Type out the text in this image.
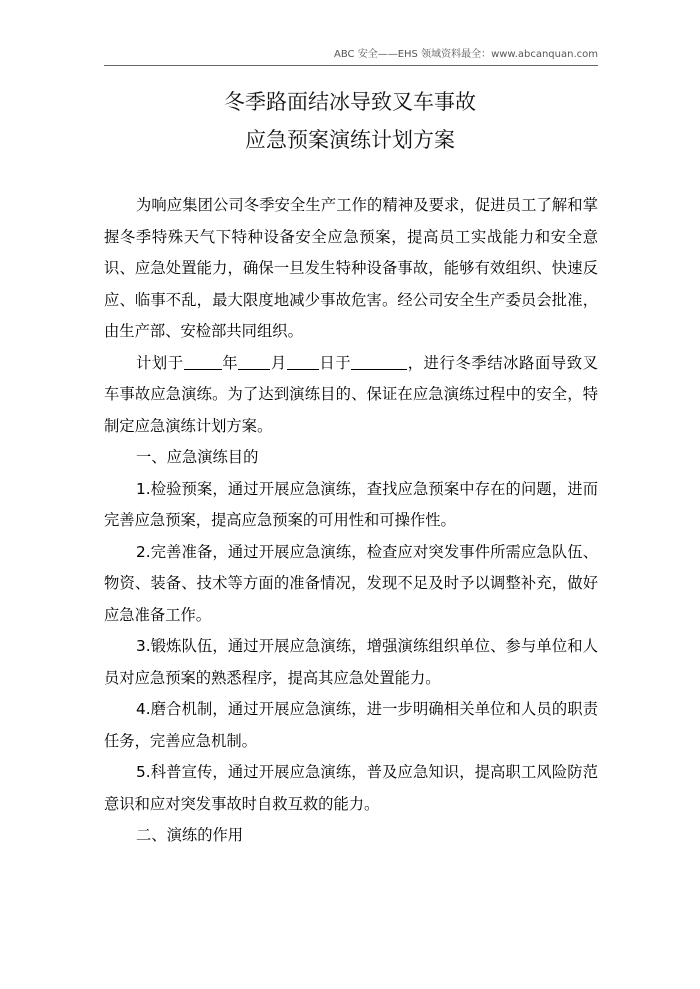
ABC 安全——EHS 领域资料最全：www.abcanquan.com
冬季路面结冰导致叉车事故
应急预案演练计划方案

为响应集团公司冬季安全生产工作的精神及要求，促进员工了解和掌握冬季特殊天气下特种设备安全应急预案，提高员工实战能力和安全意识、应急处置能力，确保一旦发生特种设备事故，能够有效组织、快速反应、临事不乱，最大限度地减少事故危害。经公司安全生产委员会批准，由生产部、安检部共同组织。

计划于 年 月 日于	，进行冬季结冰路面导致叉车事故应急演练。为了达到演练目的、保证在应急演练过程中的安全，特制定应急演练计划方案。

一、应急演练目的

1.检验预案，通过开展应急演练，查找应急预案中存在的问题，进而完善应急预案，提高应急预案的可用性和可操作性。

2.完善准备，通过开展应急演练，检查应对突发事件所需应急队伍、物资、装备、技术等方面的准备情况，发现不足及时予以调整补充，做好应急准备工作。

3.锻炼队伍，通过开展应急演练，增强演练组织单位、参与单位和人员对应急预案的熟悉程序，提高其应急处置能力。

4.磨合机制，通过开展应急演练，进一步明确相关单位和人员的职责任务，完善应急机制。

5.科普宣传，通过开展应急演练，普及应急知识，提高职工风险防范意识和应对突发事故时自救互救的能力。

二、演练的作用
